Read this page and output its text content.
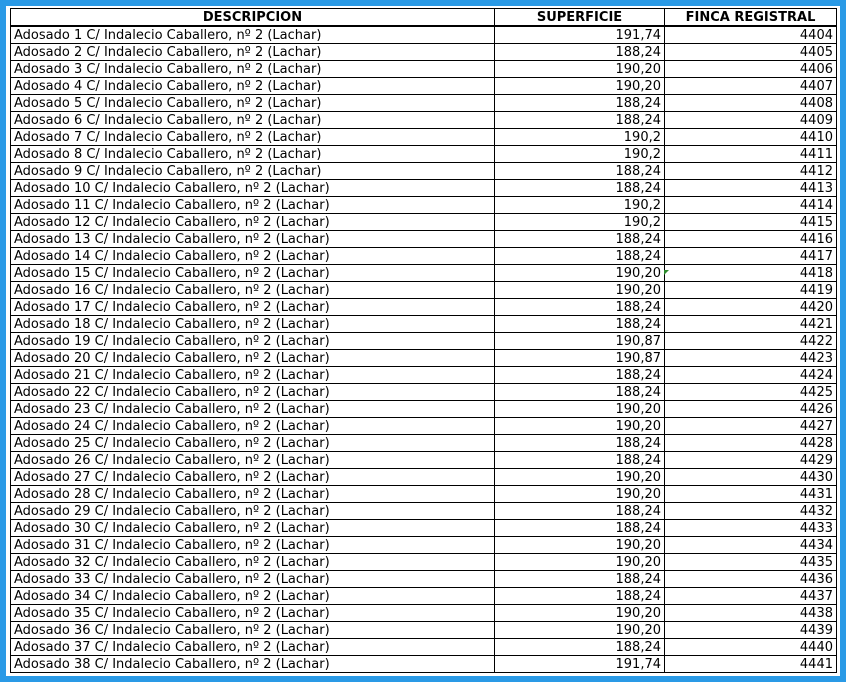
DESCRIPCION	SUPERFICIE	FINCA REGISTRAL
Adosado 1 C/ Indalecio Caballero, nº 2 (Lachar)	191,74	4404
Adosado 2 C/ Indalecio Caballero, nº 2 (Lachar)	188,24	4405
Adosado 3 C/ Indalecio Caballero, nº 2 (Lachar)	190,20	4406
Adosado 4 C/ Indalecio Caballero, nº 2 (Lachar)	190,20	4407
Adosado 5 C/ Indalecio Caballero, nº 2 (Lachar)	188,24	4408
Adosado 6 C/ Indalecio Caballero, nº 2 (Lachar)	188,24	4409
Adosado 7 C/ Indalecio Caballero, nº 2 (Lachar)	190,2	4410
Adosado 8 C/ Indalecio Caballero, nº 2 (Lachar)	190,2	4411
Adosado 9 C/ Indalecio Caballero, nº 2 (Lachar)	188,24	4412
Adosado 10 C/ Indalecio Caballero, nº 2 (Lachar)	188,24	4413
Adosado 11 C/ Indalecio Caballero, nº 2 (Lachar)	190,2	4414
Adosado 12 C/ Indalecio Caballero, nº 2 (Lachar)	190,2	4415
Adosado 13 C/ Indalecio Caballero, nº 2 (Lachar)	188,24	4416
Adosado 14 C/ Indalecio Caballero, nº 2 (Lachar)	188,24	4417
Adosado 15 C/ Indalecio Caballero, nº 2 (Lachar)	190,20	4418
Adosado 16 C/ Indalecio Caballero, nº 2 (Lachar)	190,20	4419
Adosado 17 C/ Indalecio Caballero, nº 2 (Lachar)	188,24	4420
Adosado 18 C/ Indalecio Caballero, nº 2 (Lachar)	188,24	4421
Adosado 19 C/ Indalecio Caballero, nº 2 (Lachar)	190,87	4422
Adosado 20 C/ Indalecio Caballero, nº 2 (Lachar)	190,87	4423
Adosado 21 C/ Indalecio Caballero, nº 2 (Lachar)	188,24	4424
Adosado 22 C/ Indalecio Caballero, nº 2 (Lachar)	188,24	4425
Adosado 23 C/ Indalecio Caballero, nº 2 (Lachar)	190,20	4426
Adosado 24 C/ Indalecio Caballero, nº 2 (Lachar)	190,20	4427
Adosado 25 C/ Indalecio Caballero, nº 2 (Lachar)	188,24	4428
Adosado 26 C/ Indalecio Caballero, nº 2 (Lachar)	188,24	4429
Adosado 27 C/ Indalecio Caballero, nº 2 (Lachar)	190,20	4430
Adosado 28 C/ Indalecio Caballero, nº 2 (Lachar)	190,20	4431
Adosado 29 C/ Indalecio Caballero, nº 2 (Lachar)	188,24	4432
Adosado 30 C/ Indalecio Caballero, nº 2 (Lachar)	188,24	4433
Adosado 31 C/ Indalecio Caballero, nº 2 (Lachar)	190,20	4434
Adosado 32 C/ Indalecio Caballero, nº 2 (Lachar)	190,20	4435
Adosado 33 C/ Indalecio Caballero, nº 2 (Lachar)	188,24	4436
Adosado 34 C/ Indalecio Caballero, nº 2 (Lachar)	188,24	4437
Adosado 35 C/ Indalecio Caballero, nº 2 (Lachar)	190,20	4438
Adosado 36 C/ Indalecio Caballero, nº 2 (Lachar)	190,20	4439
Adosado 37 C/ Indalecio Caballero, nº 2 (Lachar)	188,24	4440
Adosado 38 C/ Indalecio Caballero, nº 2 (Lachar)	191,74	4441
